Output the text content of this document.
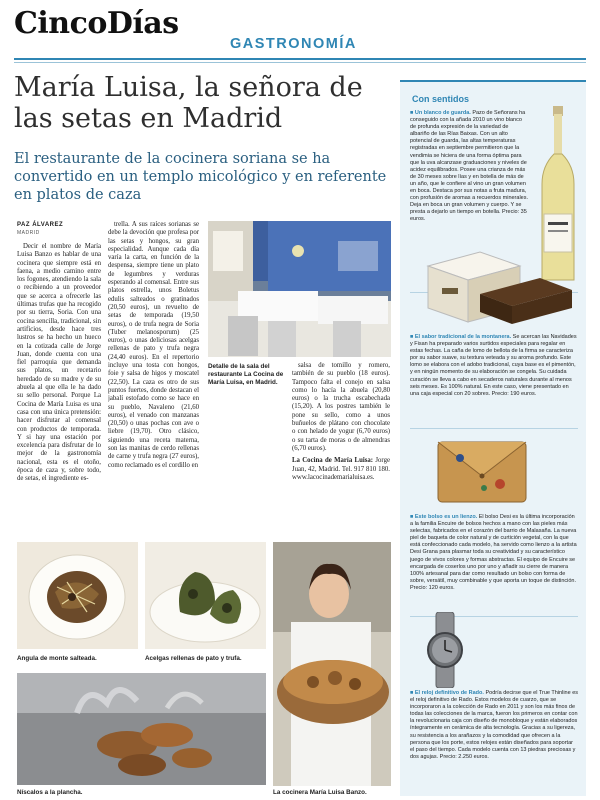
CincoDías
GASTRONOMÍA
María Luisa, la señora de las setas en Madrid
El restaurante de la cocinera soriana se ha convertido en un templo micológico y en referente en platos de caza
PAZ ÁLVAREZ
MADRID

Decir el nombre de María Luisa Banzo es hablar de una cocinera que siempre está en faena, a medio camino entre los fogones, atendiendo la sala o recibiendo a un proveedor que se acerca a ofrecerle las últimas trufas que ha recogido por su tierra, Soria. Con una cocina sencilla, tradicional, sin artificios, desde hace tres lustros se ha hecho un hueco en la cotizada calle de Jorge Juan, donde cuenta con una fiel parroquia que demanda sus platos, un recetario heredado de su madre y de su abuela al que ella le ha dado su sello personal. Porque La Cocina de María Luisa es una casa con una única pretensión: hacer disfrutar al comensal con productos de temporada. Y si hay una estación por excelencia para disfrutar de lo mejor de la gastronomía nacional, esta es el otoño, época de caza y, sobre todo, de setas, el ingrediente es-

trella. A sus raíces sorianas se debe la devoción que profesa por las setas y hongos, su gran especialidad. Aunque cada día varía la carta, en función de la despensa, siempre tiene un plato de legumbres y verduras esperando al comensal. Entre sus platos estrella, unos Boletus edulis salteados o gratinados (20,50 euros), un revuelto de setas de temporada (19,50 euros), o de trufa negra de Soria (Tuber melanosporum) (25 euros), o unas deliciosas acelgas rellenas de pato y trufa negra (24,40 euros). En el repertorio incluye una tosta con hongos, foie y salsa de higos y moscatel (22,50). La caza es otro de sus puntos fuertes, donde destacan el jabalí estofado como se hace en su pueblo, Navaleno (21,60 euros), el venado con manzanas (20,50) o unas pochas con ave o liebre (19,70). Otro clásico, siguiendo una receta materna, son las manitas de cerdo rellenas de carne y trufa negra (27 euros), como reclamado es el cordillo en

salsa de tomillo y romero, también de su pueblo (18 euros). Tampoco falta el conejo en salsa como lo hacía la abuela (20,80 euros) o la trucha escabechada (15,20). A los postres también le pone su sello, como a unos buñuelos de plátano con chocolate o con helado de yogur (6,70 euros) o su tarta de moras o de almendras (6,70 euros).

La Cocina de María Luisa: Jorge Juan, 42, Madrid. Tel. 917 810 180. www.lacocinademarialuisa.es.

Detalle de la sala del restaurante La Cocina de María Luisa, en Madrid.
Angula de monte salteada.	Acelgas rellenas de pato y trufa.
Níscalos a la plancha.	La cocinera María Luisa Banzo.
Con sentidos
■ Un blanco de guarda. Pazo de Señorans ha conseguido con la añada 2010 un vino blanco de profunda expresión de la variedad de albariño de las Rías Baixas. Con un alto potencial de guarda, las altas temperaturas registradas en septiembre permitieron que la vendimia se hiciera de una forma óptima para que la uva alcanzase graduaciones y niveles de acidez equilibrados. Posee una crianza de más de 30 meses sobre lías y en botella de más de un año, que le confiere al vino un gran volumen en boca. Destaca por sus notas a fruta madura, con profusión de aromas a recuerdos minerales. Deja en boca un gran volumen y cuerpo. Y se presta a dejarlo un tiempo en botella. Precio: 35 euros.
■ El sabor tradicional de la montanera. Se acercan las Navidades y Fisan ha preparado varios surtidos especiales para regalar en estas fechas. La caña de lomo de bellota de la firma se caracteriza por su sabor suave, su textura veteada y su aroma profundo. Este lomo se elabora con el adobo tradicional, cuya base es el pimentón, y en ningún momento de su elaboración se congela. Su cuidada curación se lleva a cabo en secaderos naturales durante al menos seis meses. Es 100% natural. En este caso, viene presentado en una caja especial con 20 sobres. Precio: 190 euros.
■ Este bolso es un lienzo. El bolso Desi es la última incorporación a la familia Encuire de bolsos hechos a mano con las pieles más selectas, fabricados en el corazón del barrio de Malasaña. La nueva piel de baqueta de color natural y de curtición vegetal, con la que está confeccionado cada modelo, ha servido como lienzo a la artista Desi Grana para plasmar toda su creatividad y su característico juego de vivos colores y formas abstractas. El equipo de Encuire se encargada de coserlos uno por uno y añadir su cierre de manera 100% artesanal para dar como resultado un bolso con forma de sobre, versátil, muy combinable y que aporta un toque de distinción. Precio: 120 euros.
■ El reloj definitivo de Rado. Podría decirse que el True Thinline es el reloj definitivo de Rado. Estos modelos de cuarzo, que se incorporaron a la colección de Rado en 2011 y son los más finos de todas las colecciones de la marca, fueron los primeros en contar con la revolucionaria caja con diseño de monobloque y están elaborados íntegramente en cerámica de alta tecnología. Gracias a su ligereza, su resistencia a los arañazos y la comodidad que ofrecen a la persona que los porte, estos relojes están diseñados para soportar el paso del tiempo. Cada modelo cuenta con 13 piedras preciosas y dos agujas. Precio: 2.250 euros.
